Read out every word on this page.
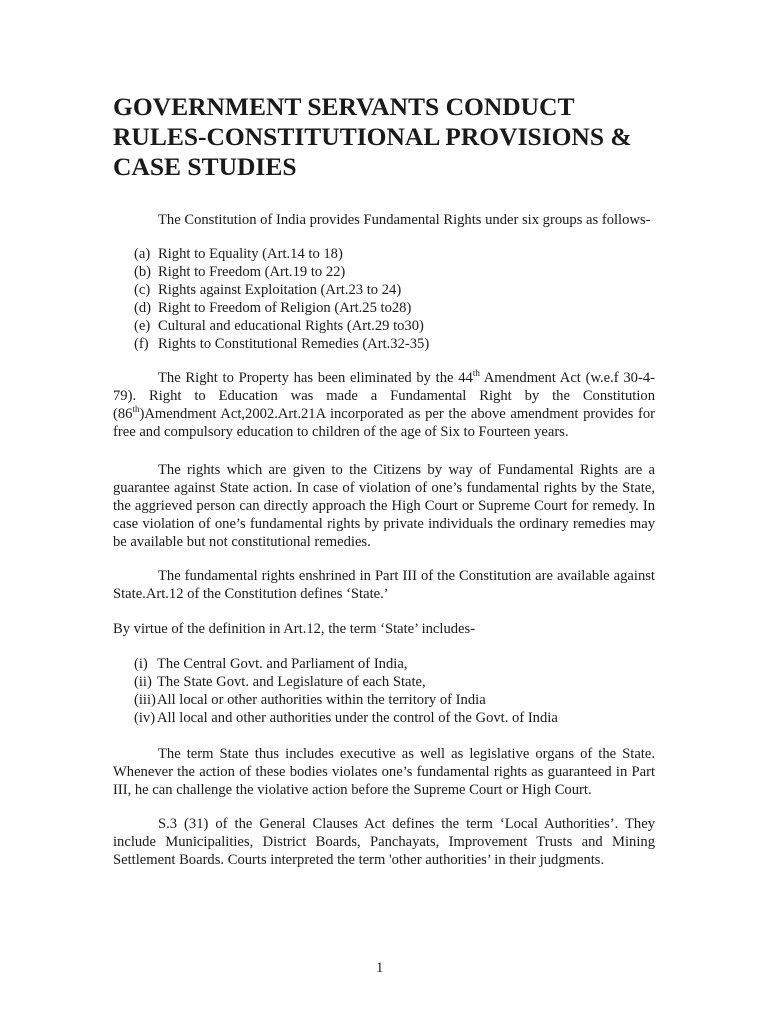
GOVERNMENT SERVANTS CONDUCT
RULES-CONSTITUTIONAL PROVISIONS &
CASE STUDIES

The Constitution of India provides Fundamental Rights under six groups as follows-

(a) Right to Equality (Art.14 to 18)
(b) Right to Freedom (Art.19 to 22)
(c) Rights against Exploitation (Art.23 to 24)
(d) Right to Freedom of Religion (Art.25 to28)
(e) Cultural and educational Rights (Art.29 to30)
(f) Rights to Constitutional Remedies (Art.32-35)

The Right to Property has been eliminated by the 44th Amendment Act (w.e.f 30-4-79). Right to Education was made a Fundamental Right by the Constitution (86th)Amendment Act,2002.Art.21A incorporated as per the above amendment provides for free and compulsory education to children of the age of Six to Fourteen years.

The rights which are given to the Citizens by way of Fundamental Rights are a guarantee against State action. In case of violation of one’s fundamental rights by the State, the aggrieved person can directly approach the High Court or Supreme Court for remedy. In case violation of one’s fundamental rights by private individuals the ordinary remedies may be available but not constitutional remedies.

The fundamental rights enshrined in Part III of the Constitution are available against State.Art.12 of the Constitution defines ‘State.’

By virtue of the definition in Art.12, the term ‘State’ includes-

(i) The Central Govt. and Parliament of India,
(ii) The State Govt. and Legislature of each State,
(iii)All local or other authorities within the territory of India
(iv) All local and other authorities under the control of the Govt. of India

The term State thus includes executive as well as legislative organs of the State. Whenever the action of these bodies violates one’s fundamental rights as guaranteed in Part III, he can challenge the violative action before the Supreme Court or High Court.

S.3 (31) of the General Clauses Act defines the term ‘Local Authorities’. They include Municipalities, District Boards, Panchayats, Improvement Trusts and Mining Settlement Boards. Courts interpreted the term 'other authorities’ in their judgments.

1
